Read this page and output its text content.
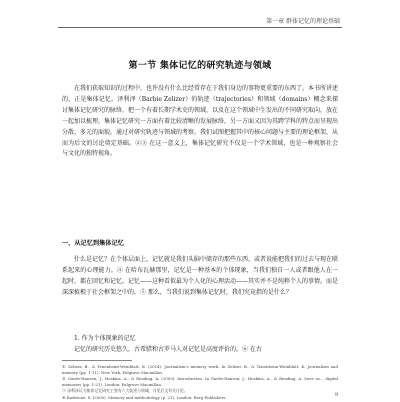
第一章 群体记忆的理论基础
第一节 集体记忆的研究轨迹与领域

在我们获取知识的过程中，也许没有什么比经常存在于我们身边的事物更重要的东西了。本书所讲述的，正是集体记忆。泽利泽（Barbie Zelizer）的轨迹（trajectories）和领域（domains）概念来探讨集体记忆研究的脉络，把一个有着长期学术史的领域，以及在这个领域中生发出的不同研究取向，放在一起加以梳理。集体记忆研究一方面有着比较清晰的发展脉络，另一方面又因为其跨学科的特点而呈现出分散、多元的面貌。通过对研究轨迹与领域的考察，我们试图把握其中的核心问题与主要的理论框架，从而为后文的讨论奠定基础。②③ 在这一意义上，集体记忆研究不仅是一个学术领域，也是一种观察社会与文化的独特视角。

一、从记忆到集体记忆

什么是记忆？在个体层面上，记忆就是我们头脑中储存的那些东西，或者说能把我们的过去与现在联系起来的心理能力。④ 在哈布瓦赫那里，记忆是一种基本的个体现象，当我们独自一人或者跟他人在一起时，都在回忆和记忆。记忆——这种看似最为个人化的心理活动——其实并不是纯粹个人的事情，而是深深植根于社会框架之中的。⑤ 那么，当我们说到集体记忆时，我们究竟指的是什么？

1. 作为个体现象的记忆

记忆的研究历史悠久，古希腊和古罗马人对记忆是高度评价的。⑥ 在古

① Zelizer, B., & Tenenboim-Weinblatt, K. (2014). Journalism's memory work. In Zelizer, B., & Tenenboim-Weinblatt, K. Journalism and memory (pp. 1-11). New York, Palgrave Macmillan.

② Garde-Hansen, J., Hoskins, A., & Reading, A. (2009). Introduction. In Garde-Hansen, J., Hoskins, A., & Reading, A. Save as... digital memories (pp. 1-21). London: Palgrave Macmillan.

③ 泽利泽认为集体记忆研究主要有六大轨迹与领域，详见后文有关讨论。

④ Radstone, S. (2000). Memory and methodology (p. 21). London: Berg Publishers.	9
